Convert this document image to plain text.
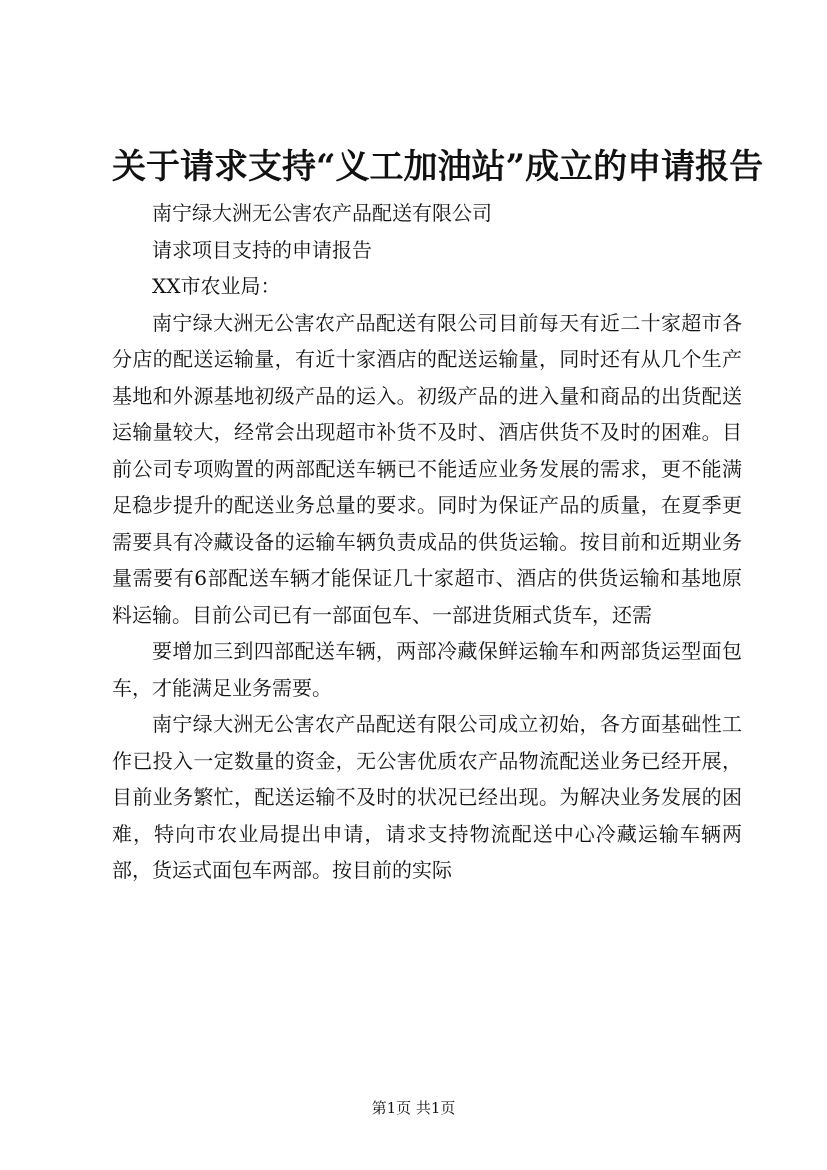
关于请求支持“义工加油站”成立的申请报告

南宁绿大洲无公害农产品配送有限公司

请求项目支持的申请报告

XX市农业局：

南宁绿大洲无公害农产品配送有限公司目前每天有近二十家超市各分店的配送运输量，有近十家酒店的配送运输量，同时还有从几个生产基地和外源基地初级产品的运入。初级产品的进入量和商品的出货配送运输量较大，经常会出现超市补货不及时、酒店供货不及时的困难。目前公司专项购置的两部配送车辆已不能适应业务发展的需求，更不能满足稳步提升的配送业务总量的要求。同时为保证产品的质量，在夏季更需要具有冷藏设备的运输车辆负责成品的供货运输。按目前和近期业务量需要有6部配送车辆才能保证几十家超市、酒店的供货运输和基地原料运输。目前公司已有一部面包车、一部进货厢式货车，还需

要增加三到四部配送车辆，两部冷藏保鲜运输车和两部货运型面包车，才能满足业务需要。

南宁绿大洲无公害农产品配送有限公司成立初始，各方面基础性工作已投入一定数量的资金，无公害优质农产品物流配送业务已经开展，目前业务繁忙，配送运输不及时的状况已经出现。为解决业务发展的困难，特向市农业局提出申请，请求支持物流配送中心冷藏运输车辆两部，货运式面包车两部。按目前的实际

第1页 共1页
